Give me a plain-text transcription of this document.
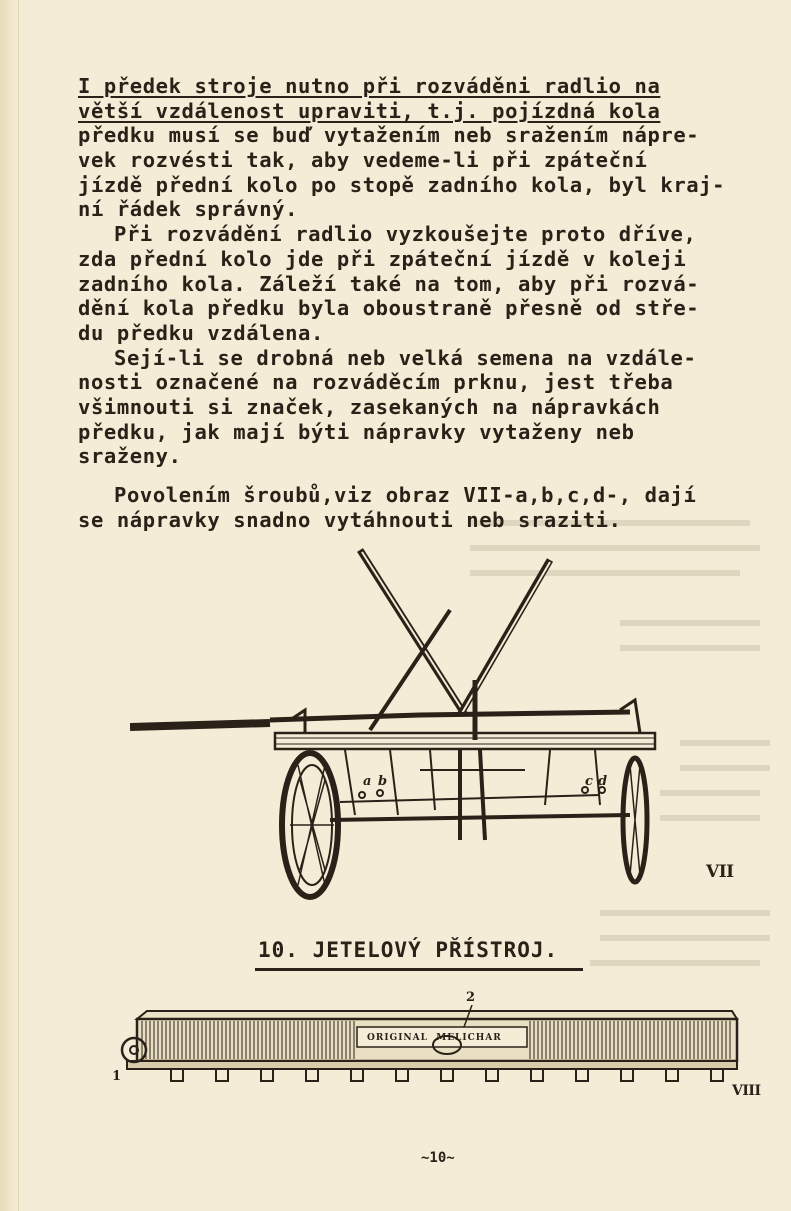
I předek stroje nutno při rozváděni radlio na
větší vzdálenost upraviti, t.j. pojízdná kola
předku musí se buď vytažením neb sražením nápre-
vek rozvésti tak, aby vedeme-li při zpáteční
jízdě přední kolo po stopě zadního kola, byl kraj-
ní řádek správný.
Při rozvádění radlio vyzkoušejte proto dříve,
zda přední kolo jde při zpáteční jízdě v koleji
zadního kola. Záleží také na tom, aby při rozvá-
dění kola předku byla oboustraně přesně od stře-
du předku vzdálena.
Sejí-li se drobná neb velká semena na vzdále-
nosti označené na rozváděcím prknu, jest třeba
všimnouti si značek, zasekaných na nápravkách
předku, jak mají býti nápravky vytaženy neb
sraženy.
Povolením šroubů,viz obraz VII-a,b,c,d-, dají
se nápravky snadno vytáhnouti neb sraziti.
VII
a b	c d
10. JETELOVÝ PŘÍSTROJ.
1
2
ORIGINAL  MELICHAR
VIII
~10~
